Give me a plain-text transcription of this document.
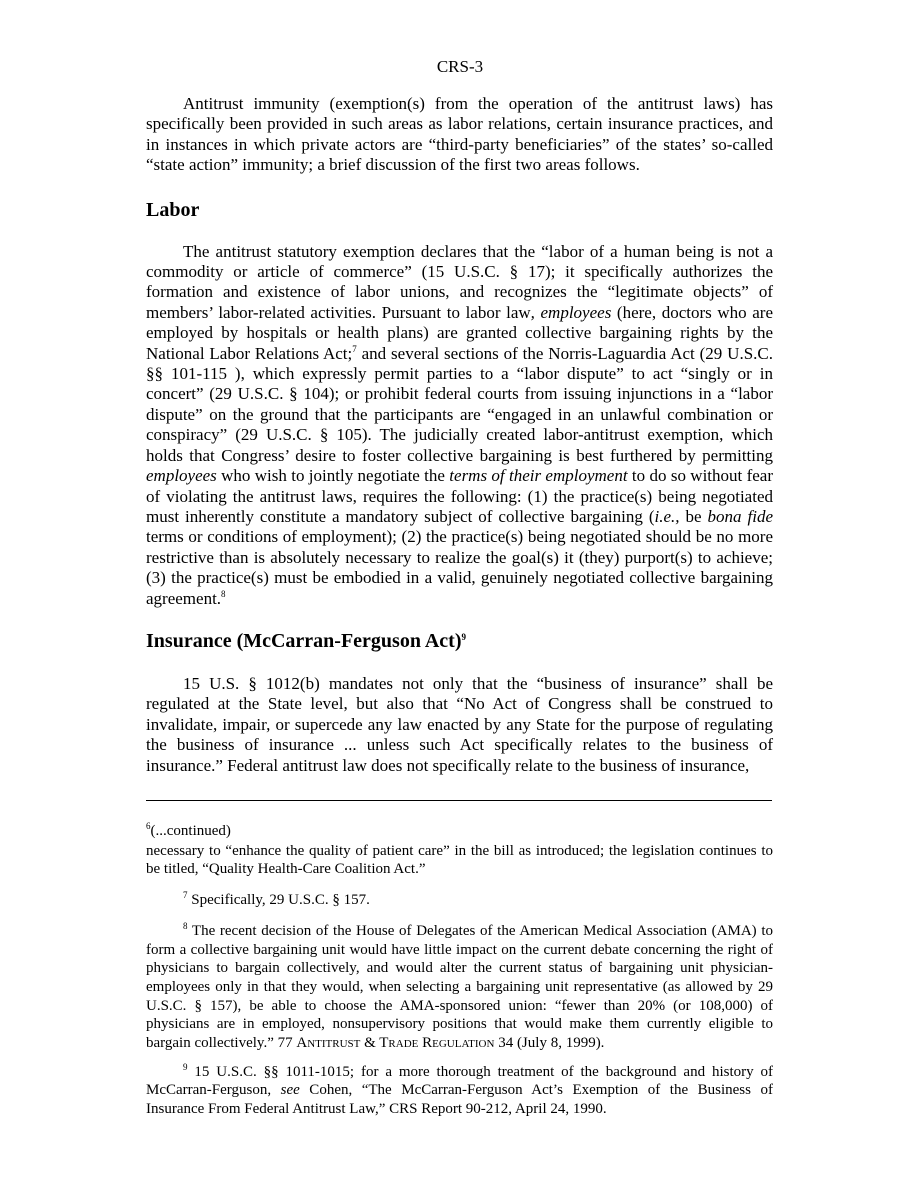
CRS-3

Antitrust immunity (exemption(s) from the operation of the antitrust laws) has specifically been provided in such areas as labor relations, certain insurance practices, and in instances in which private actors are “third-party beneficiaries” of the states’ so-called “state action” immunity; a brief discussion of the first two areas follows.

Labor

The antitrust statutory exemption declares that the “labor of a human being is not a commodity or article of commerce” (15 U.S.C. § 17); it specifically authorizes the formation and existence of labor unions, and recognizes the “legitimate objects” of members’ labor-related activities. Pursuant to labor law, employees (here, doctors who are employed by hospitals or health plans) are granted collective bargaining rights by the National Labor Relations Act;$^7$ and several sections of the Norris-Laguardia Act (29 U.S.C. §§ 101-115 ), which expressly permit parties to a “labor dispute” to act “singly or in concert” (29 U.S.C. § 104); or prohibit federal courts from issuing injunctions in a “labor dispute” on the ground that the participants are “engaged in an unlawful combination or conspiracy” (29 U.S.C. § 105). The judicially created labor-antitrust exemption, which holds that Congress’ desire to foster collective bargaining is best furthered by permitting employees who wish to jointly negotiate the terms of their employment to do so without fear of violating the antitrust laws, requires the following: (1) the practice(s) being negotiated must inherently constitute a mandatory subject of collective bargaining (i.e., be bona fide terms or conditions of employment); (2) the practice(s) being negotiated should be no more restrictive than is absolutely necessary to realize the goal(s) it (they) purport(s) to achieve; (3) the practice(s) must be embodied in a valid, genuinely negotiated collective bargaining agreement.$^8$

Insurance (McCarran-Ferguson Act)$^9$

15 U.S. § 1012(b) mandates not only that the “business of insurance” shall be regulated at the State level, but also that “No Act of Congress shall be construed to invalidate, impair, or supercede any law enacted by any State for the purpose of regulating the business of insurance ... unless such Act specifically relates to the business of insurance.” Federal antitrust law does not specifically relate to the business of insurance,

$^6$(...continued)

necessary to “enhance the quality of patient care” in the bill as introduced; the legislation continues to be titled, “Quality Health-Care Coalition Act.”

$^7$ Specifically, 29 U.S.C. § 157.

$^8$ The recent decision of the House of Delegates of the American Medical Association (AMA) to form a collective bargaining unit would have little impact on the current debate concerning the right of physicians to bargain collectively, and would alter the current status of bargaining unit physician-employees only in that they would, when selecting a bargaining unit representative (as allowed by 29 U.S.C. § 157), be able to choose the AMA-sponsored union: “fewer than 20% (or 108,000) of physicians are in employed, nonsupervisory positions that would make them currently eligible to bargain collectively.” 77 Antitrust & Trade Regulation 34 (July 8, 1999).

$^9$ 15 U.S.C. §§ 1011-1015; for a more thorough treatment of the background and history of McCarran-Ferguson, see Cohen, “The McCarran-Ferguson Act’s Exemption of the Business of Insurance From Federal Antitrust Law,” CRS Report 90-212, April 24, 1990.
